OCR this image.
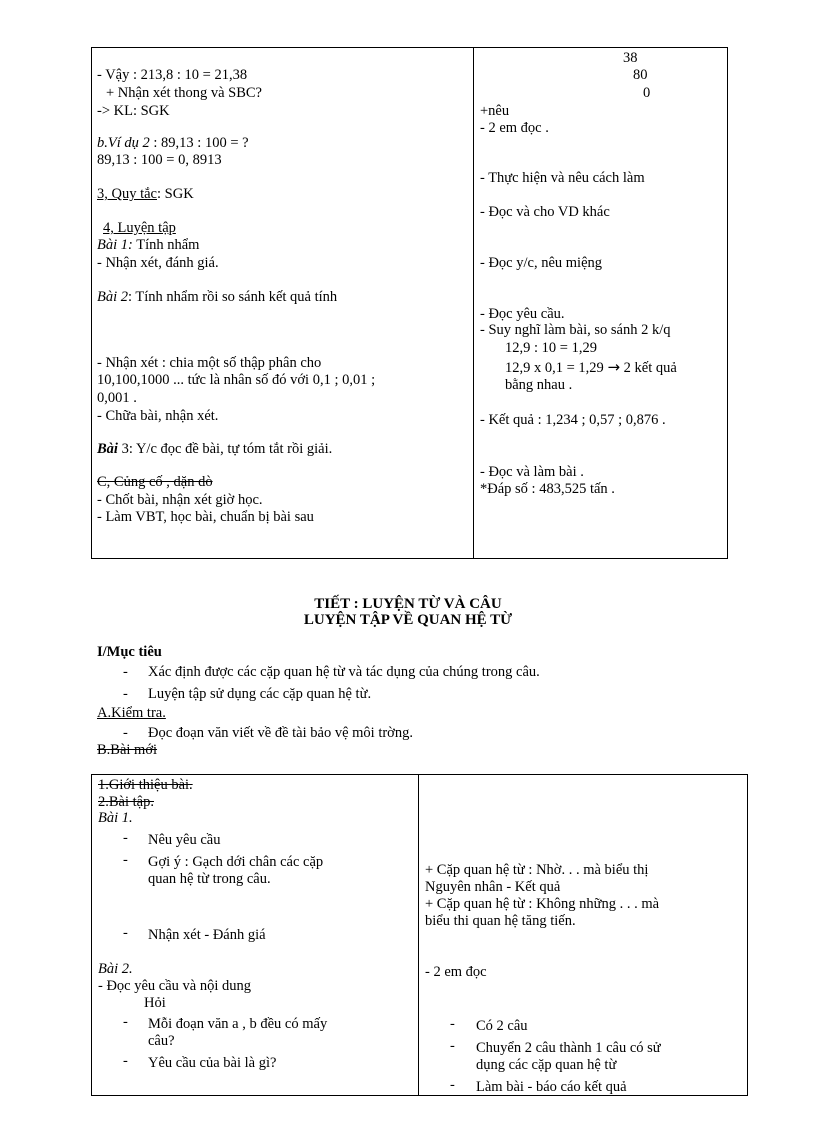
- Vậy : 213,8 : 10 = 21,38
+ Nhận xét thong và SBC?
-> KL: SGK
b.Ví dụ 2 : 89,13 : 100 = ?
89,13 : 100 = 0, 8913
3, Quy tắc: SGK
4, Luyện tập
Bài 1: Tính nhẩm
- Nhận xét, đánh giá.
Bài 2: Tính nhẩm rồi so sánh kết quả tính
- Nhận xét : chia một số thập phân cho
10,100,1000 ... tức là nhân số đó với 0,1 ; 0,01 ;
0,001 .
- Chữa bài, nhận xét.
Bài 3: Y/c đọc đề bài, tự tóm tắt rồi giải.
C, Củng cố , dặn dò
- Chốt bài, nhận xét giờ học.
- Làm VBT, học bài, chuẩn bị bài sau
38
80
0
+nêu
- 2 em đọc .
- Thực hiện và nêu cách làm
- Đọc và cho VD khác
- Đọc y/c, nêu miệng
- Đọc yêu cầu.
- Suy nghĩ làm bài, so sánh 2 k/q
12,9 : 10 = 1,29
12,9 x 0,1 = 1,29 → 2 kết quả
bằng nhau .
- Kết quả : 1,234 ; 0,57 ; 0,876 .
- Đọc và làm bài .
*Đáp số : 483,525 tấn .
TIẾT : LUYỆN TỪ VÀ CÂU
LUYỆN TẬP VỀ QUAN HỆ TỪ
I/Mục tiêu
- Xác định được các cặp quan hệ từ và tác dụng của chúng trong câu.
- Luyện tập sử dụng các cặp quan hệ từ.
A.Kiểm tra.
- Đọc đoạn văn viết về đề tài bảo vệ môi trờng.
B.Bài mới
1.Giới thiệu bài.
2.Bài tập.
Bài 1.
- Nêu yêu cầu
- Gợi ý : Gạch dới chân các cặp
quan hệ từ trong câu.
- Nhận xét - Đánh giá
Bài 2.
- Đọc yêu cầu và nội dung
Hỏi
- Mỗi đoạn văn a , b đều có mấy
câu?
- Yêu cầu của bài là gì?
+ Cặp quan hệ từ : Nhờ. . . mà biểu thị
Nguyên nhân - Kết quả
+ Cặp quan hệ từ : Không những . . . mà
biểu thi quan hệ tăng tiến.
- 2 em đọc
- Có 2 câu
- Chuyển 2 câu thành 1 câu có sử
dụng các cặp quan hệ từ
- Làm bài - báo cáo kết quả
